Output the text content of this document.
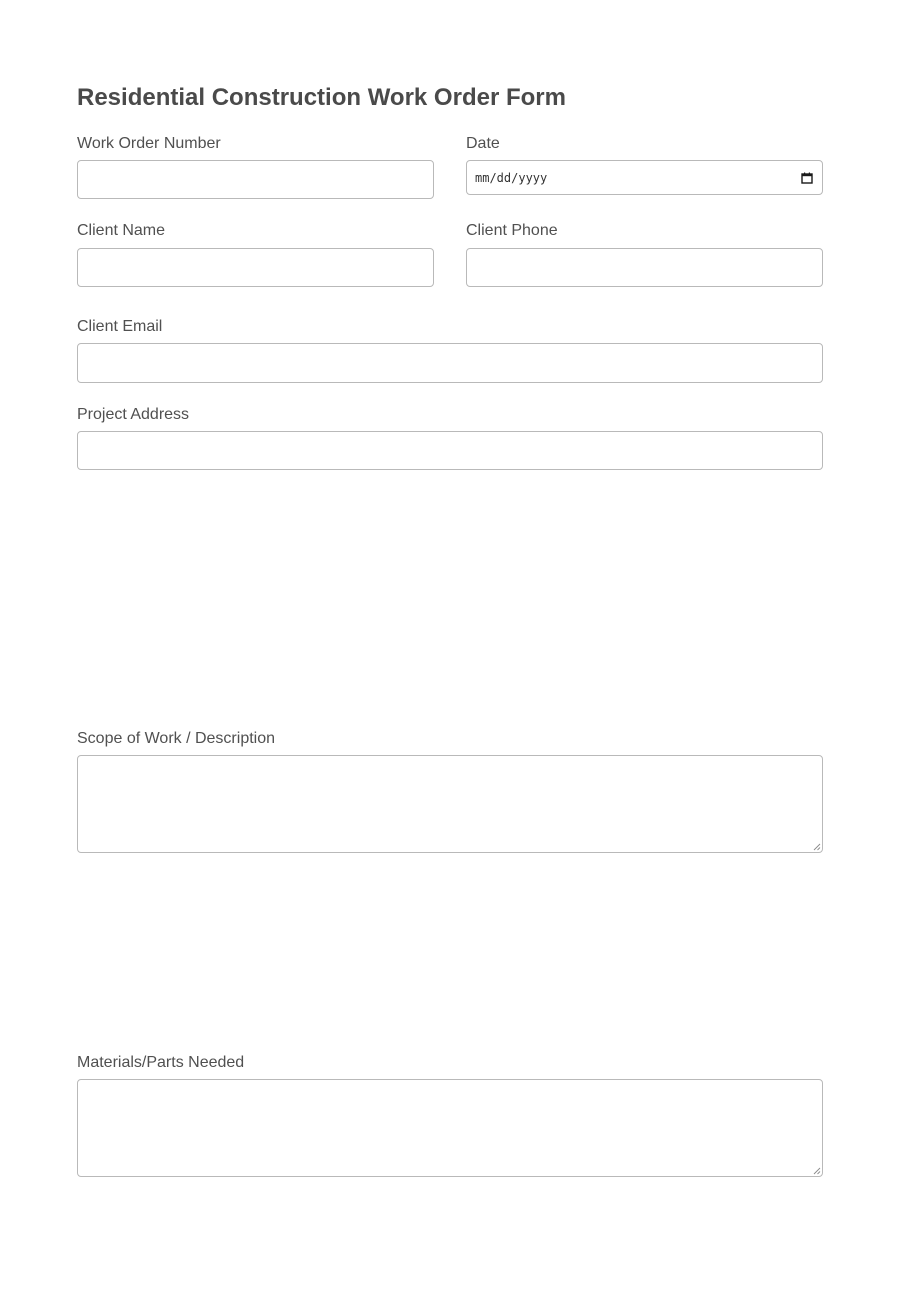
Residential Construction Work Order Form
Work Order Number	Date
mm/dd/yyyy
Client Name	Client Phone
Client Email
Project Address
Scope of Work / Description
Materials/Parts Needed
